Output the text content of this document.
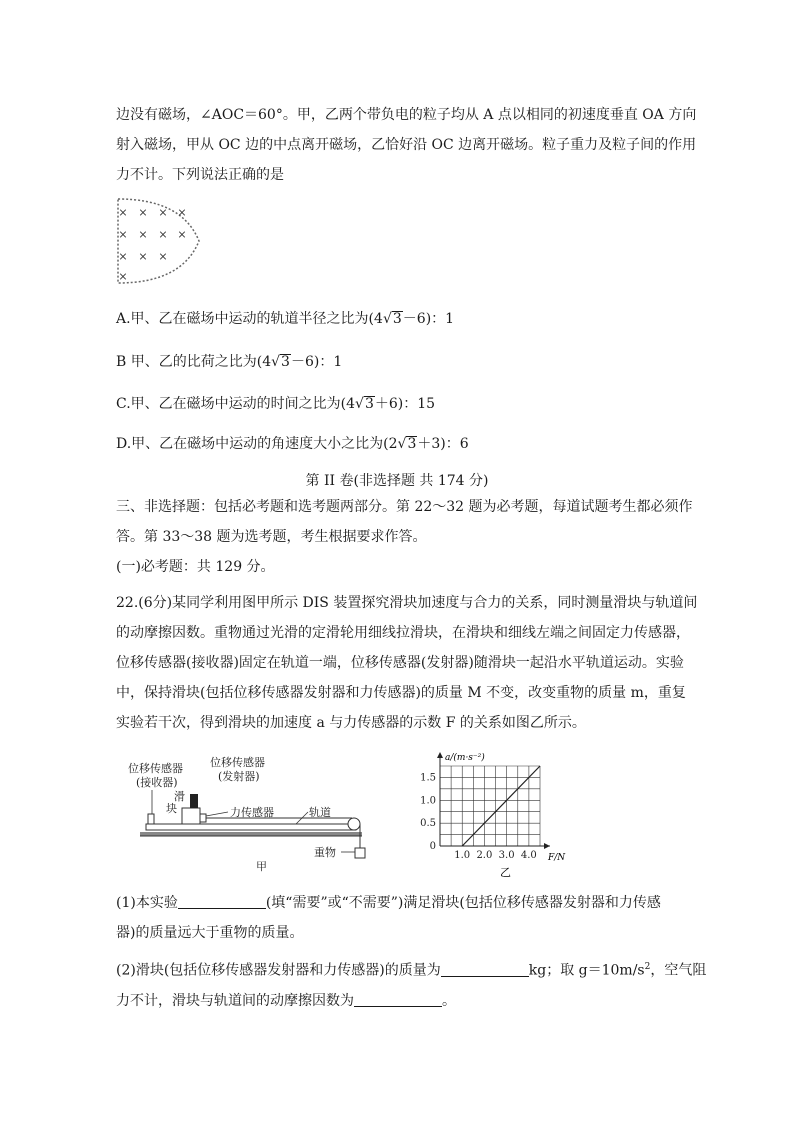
边没有磁场，∠AOC＝60°。甲，乙两个带负电的粒子均从 A 点以相同的初速度垂直 OA 方向
射入磁场，甲从 OC 边的中点离开磁场，乙恰好沿 OC 边离开磁场。粒子重力及粒子间的作用
力不计。下列说法正确的是
× × × ×
× × × ×
× × ×
×
A.甲、乙在磁场中运动的轨道半径之比为(4√3－6)：1
B 甲、乙的比荷之比为(4√3－6)：1
C.甲、乙在磁场中运动的时间之比为(4√3＋6)：15
D.甲、乙在磁场中运动的角速度大小之比为(2√3＋3)：6
第 II 卷(非选择题 共 174 分)
三、非选择题：包括必考题和选考题两部分。第 22～32 题为必考题，每道试题考生都必须作
答。第 33～38 题为选考题，考生根据要求作答。
(一)必考题：共 129 分。
22.(6分)某同学利用图甲所示 DIS 装置探究滑块加速度与合力的关系，同时测量滑块与轨道间
的动摩擦因数。重物通过光滑的定滑轮用细线拉滑块，在滑块和细线左端之间固定力传感器，
位移传感器(接收器)固定在轨道一端，位移传感器(发射器)随滑块一起沿水平轨道运动。实验
中，保持滑块(包括位移传感器发射器和力传感器)的质量 M 不变，改变重物的质量 m，重复
实验若干次，得到滑块的加速度 a 与力传感器的示数 F 的关系如图乙所示。
位移传感器
(接收器)
位移传感器
(发射器)
滑
块	力传感器	轨道
重物
甲
1.0 2.0 3.0 4.0
0
0.5
1.0
1.5
a/(m·s⁻²)
F/N
乙
(1)本实验	(填“需要”或“不需要”)满足滑块(包括位移传感器发射器和力传感
器)的质量远大于重物的质量。
(2)滑块(包括位移传感器发射器和力传感器)的质量为	kg；取 $g=10m/s^2$，空气阻
力不计，滑块与轨道间的动摩擦因数为	。
